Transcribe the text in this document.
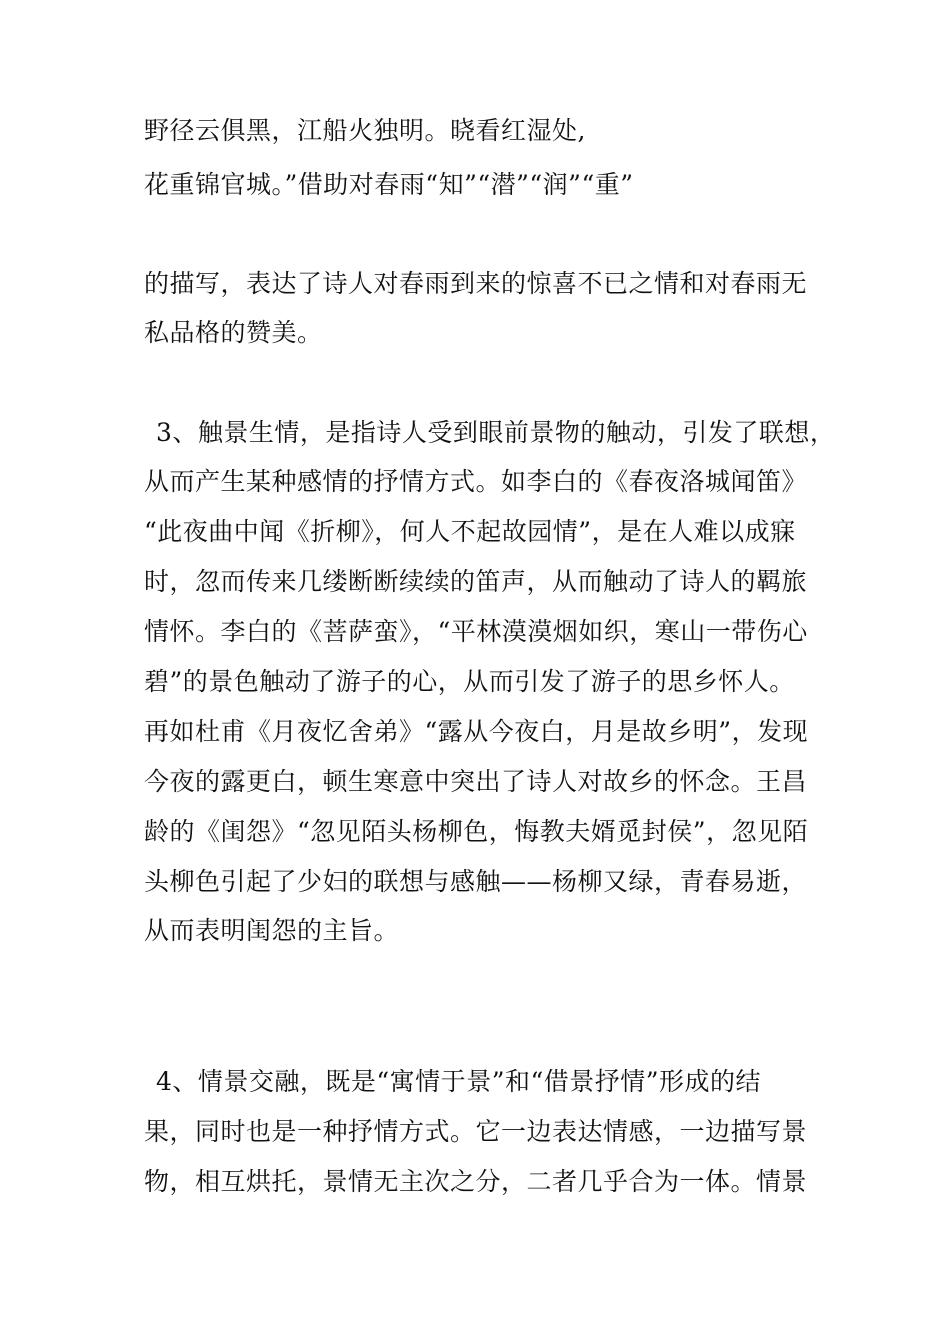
野径云俱黑，江船火独明。晓看红湿处,
花重锦官城。”借助对春雨“知”“潜”“润”“重”
的描写，表达了诗人对春雨到来的惊喜不已之情和对春雨无
私品格的赞美。
3、触景生情，是指诗人受到眼前景物的触动，引发了联想，
从而产生某种感情的抒情方式。如李白的《春夜洛城闻笛》
“此夜曲中闻《折柳》，何人不起故园情”，是在人难以成寐
时，忽而传来几缕断断续续的笛声，从而触动了诗人的羁旅
情怀。李白的《菩萨蛮》，“平林漠漠烟如织，寒山一带伤心
碧”的景色触动了游子的心，从而引发了游子的思乡怀人。
再如杜甫《月夜忆舍弟》“露从今夜白，月是故乡明”，发现
今夜的露更白，顿生寒意中突出了诗人对故乡的怀念。王昌
龄的《闺怨》“忽见陌头杨柳色，悔教夫婿觅封侯”，忽见陌
头柳色引起了少妇的联想与感触——杨柳又绿，青春易逝，
从而表明闺怨的主旨。
4、情景交融，既是“寓情于景”和“借景抒情”形成的结
果，同时也是一种抒情方式。它一边表达情感，一边描写景
物，相互烘托，景情无主次之分，二者几乎合为一体。情景
